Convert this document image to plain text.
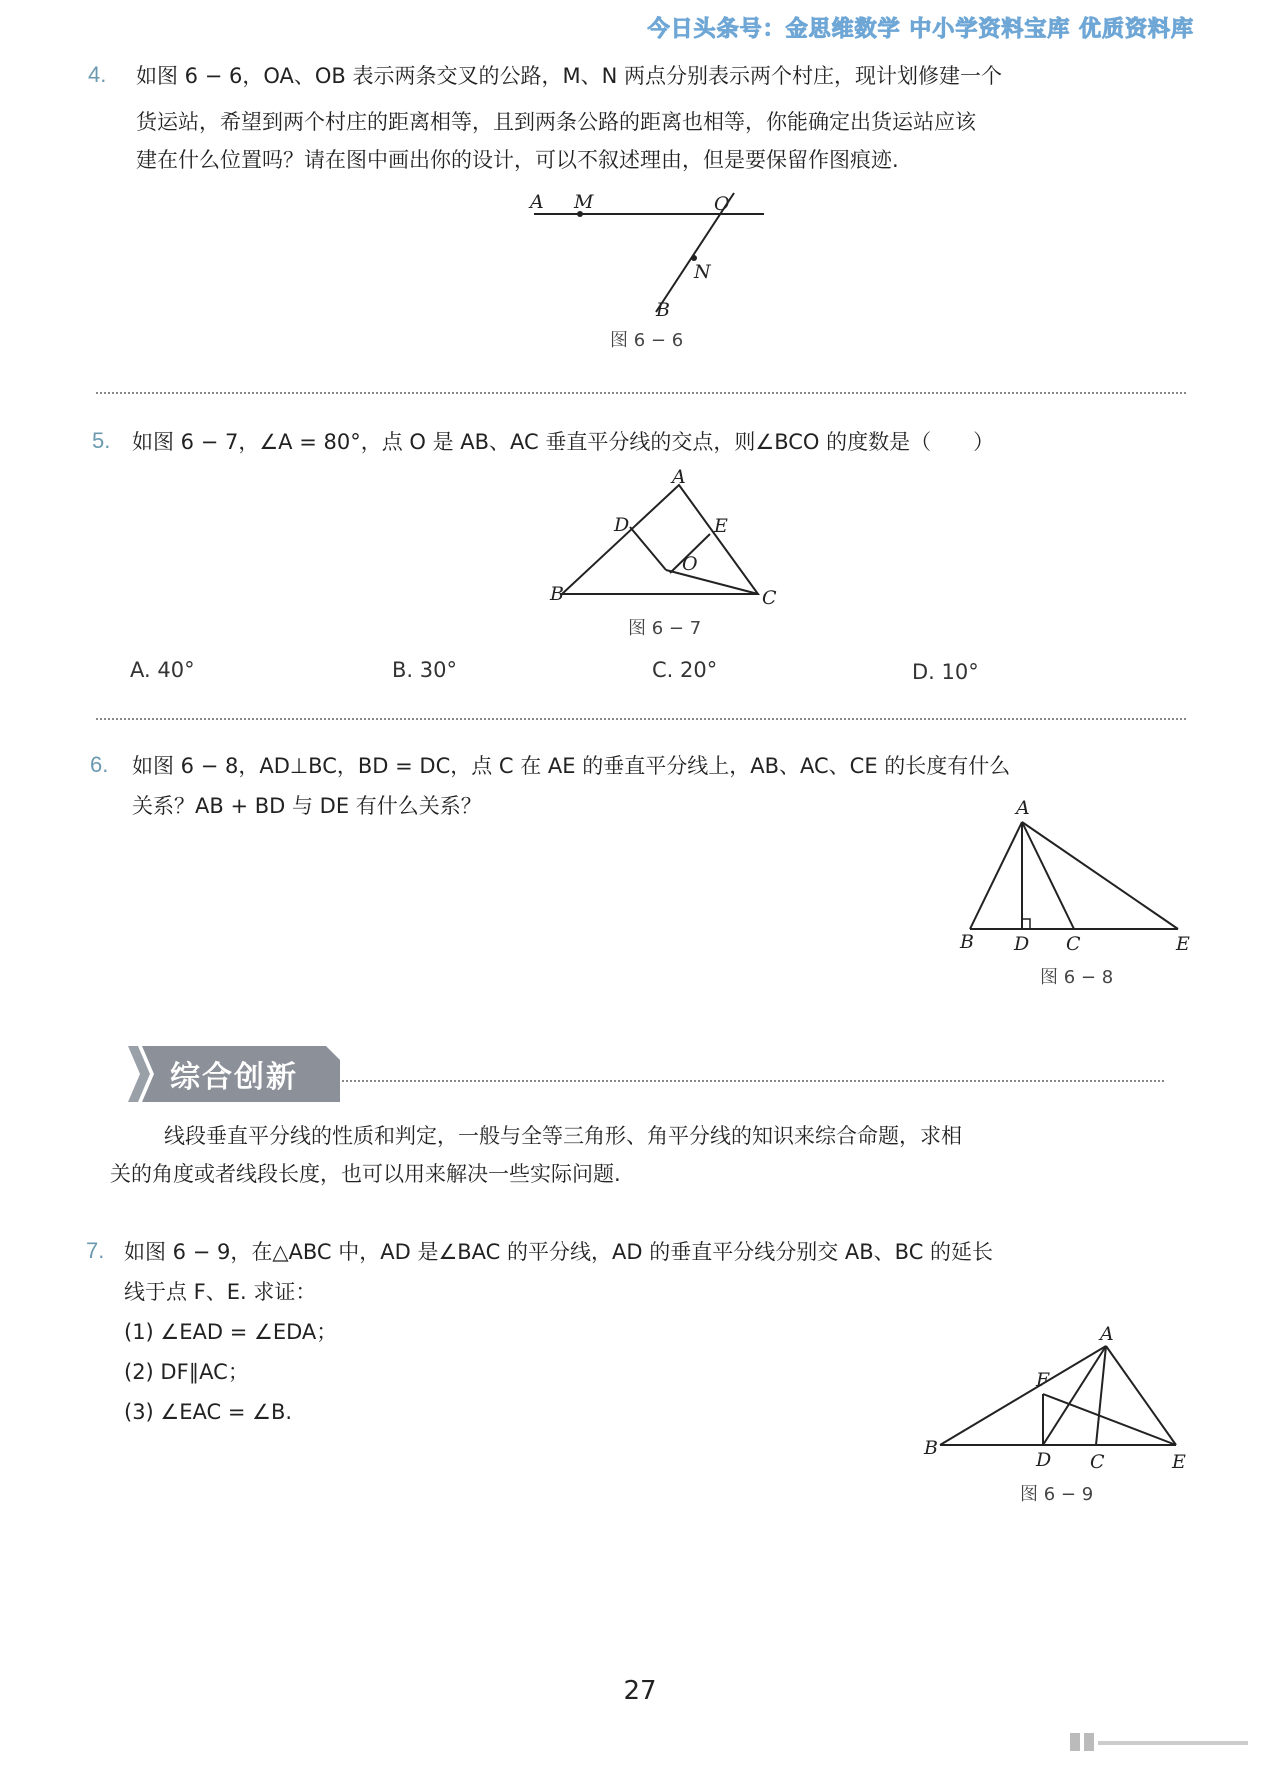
今日头条号：金思维数学 中小学资料宝库 优质资料库
4. 如图 6 − 6，OA、OB 表示两条交叉的公路，M、N 两点分别表示两个村庄，现计划修建一个
货运站，希望到两个村庄的距离相等，且到两条公路的距离也相等，你能确定出货运站应该
建在什么位置吗？请在图中画出你的设计，可以不叙述理由，但是要保留作图痕迹.
A M	O
N
B
图 6 − 6
5. 如图 6 − 7，∠A = 80°，点 O 是 AB、AC 垂直平分线的交点，则∠BCO 的度数是（　　）
A
D	E
O
B	C
图 6 − 7
A. 40°	B. 30°	C. 20°	D. 10°
6. 如图 6 − 8，AD⊥BC，BD = DC，点 C 在 AE 的垂直平分线上，AB、AC、CE 的长度有什么
关系？AB + BD 与 DE 有什么关系？	A
B D C	E
图 6 − 8
综合创新
线段垂直平分线的性质和判定，一般与全等三角形、角平分线的知识来综合命题，求相
关的角度或者线段长度，也可以用来解决一些实际问题.
7. 如图 6 − 9，在△ABC 中，AD 是∠BAC 的平分线，AD 的垂直平分线分别交 AB、BC 的延长
线于点 F、E. 求证：
(1) ∠EAD = ∠EDA；
(2) DF∥AC；
(3) ∠EAC = ∠B.
A
F
B
D C	E
图 6 − 9
27
